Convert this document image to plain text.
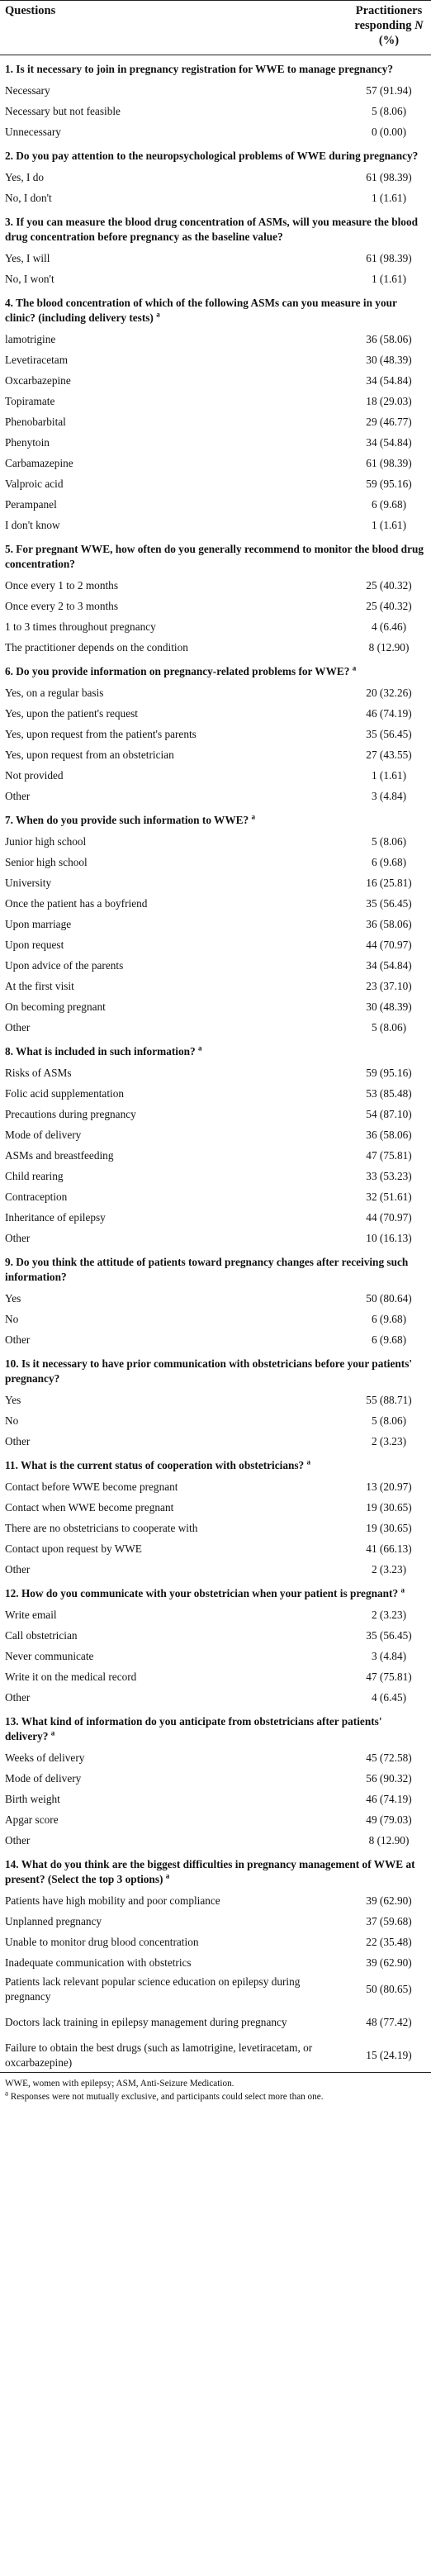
Questions	Practitioners responding N (%)
1. Is it necessary to join in pregnancy registration for WWE to manage pregnancy?	
Necessary	57 (91.94)
Necessary but not feasible	5 (8.06)
Unnecessary	0 (0.00)
2. Do you pay attention to the neuropsychological problems of WWE during pregnancy?	
Yes, I do	61 (98.39)
No, I don't	1 (1.61)
3. If you can measure the blood drug concentration of ASMs, will you measure the blood drug concentration before pregnancy as the baseline value?	
Yes, I will	61 (98.39)
No, I won't	1 (1.61)
4. The blood concentration of which of the following ASMs can you measure in your clinic? (including delivery tests) $^a$
lamotrigine	36 (58.06)
Levetiracetam	30 (48.39)
Oxcarbazepine	34 (54.84)
Topiramate	18 (29.03)
Phenobarbital	29 (46.77)
Phenytoin	34 (54.84)
Carbamazepine	61 (98.39)
Valproic acid	59 (95.16)
Perampanel	6 (9.68)
I don't know	1 (1.61)
5. For pregnant WWE, how often do you generally recommend to monitor the blood drug concentration?	
Once every 1 to 2 months	25 (40.32)
Once every 2 to 3 months	25 (40.32)
1 to 3 times throughout pregnancy	4 (6.46)
The practitioner depends on the condition	8 (12.90)
6. Do you provide information on pregnancy-related problems for WWE? $^a$
Yes, on a regular basis	20 (32.26)
Yes, upon the patient's request	46 (74.19)
Yes, upon request from the patient's parents	35 (56.45)
Yes, upon request from an obstetrician	27 (43.55)
Not provided	1 (1.61)
Other	3 (4.84)
7. When do you provide such information to WWE? $^a$
Junior high school	5 (8.06)
Senior high school	6 (9.68)
University	16 (25.81)
Once the patient has a boyfriend	35 (56.45)
Upon marriage	36 (58.06)
Upon request	44 (70.97)
Upon advice of the parents	34 (54.84)
At the first visit	23 (37.10)
On becoming pregnant	30 (48.39)
Other	5 (8.06)
8. What is included in such information? $^a$
Risks of ASMs	59 (95.16)
Folic acid supplementation	53 (85.48)
Precautions during pregnancy	54 (87.10)
Mode of delivery	36 (58.06)
ASMs and breastfeeding	47 (75.81)
Child rearing	33 (53.23)
Contraception	32 (51.61)
Inheritance of epilepsy	44 (70.97)
Other	10 (16.13)
9. Do you think the attitude of patients toward pregnancy changes after receiving such information?	
Yes	50 (80.64)
No	6 (9.68)
Other	6 (9.68)
10. Is it necessary to have prior communication with obstetricians before your patients' pregnancy?	
Yes	55 (88.71)
No	5 (8.06)
Other	2 (3.23)
11. What is the current status of cooperation with obstetricians? $^a$
Contact before WWE become pregnant	13 (20.97)
Contact when WWE become pregnant	19 (30.65)
There are no obstetricians to cooperate with	19 (30.65)
Contact upon request by WWE	41 (66.13)
Other	2 (3.23)
12. How do you communicate with your obstetrician when your patient is pregnant? $^a$
Write email	2 (3.23)
Call obstetrician	35 (56.45)
Never communicate	3 (4.84)
Write it on the medical record	47 (75.81)
Other	4 (6.45)
13. What kind of information do you anticipate from obstetricians after patients' delivery? $^a$
Weeks of delivery	45 (72.58)
Mode of delivery	56 (90.32)
Birth weight	46 (74.19)
Apgar score	49 (79.03)
Other	8 (12.90)
14. What do you think are the biggest difficulties in pregnancy management of WWE at present? (Select the top 3 options) $^a$
Patients have high mobility and poor compliance	39 (62.90)
Unplanned pregnancy	37 (59.68)
Unable to monitor drug blood concentration	22 (35.48)
Inadequate communication with obstetrics	39 (62.90)
Patients lack relevant popular science education on epilepsy during pregnancy	50 (80.65)
Doctors lack training in epilepsy management during pregnancy	48 (77.42)
Failure to obtain the best drugs (such as lamotrigine, levetiracetam, or oxcarbazepine)	15 (24.19)

WWE, women with epilepsy; ASM, Anti-Seizure Medication.

$^a$ Responses were not mutually exclusive, and participants could select more than one.
